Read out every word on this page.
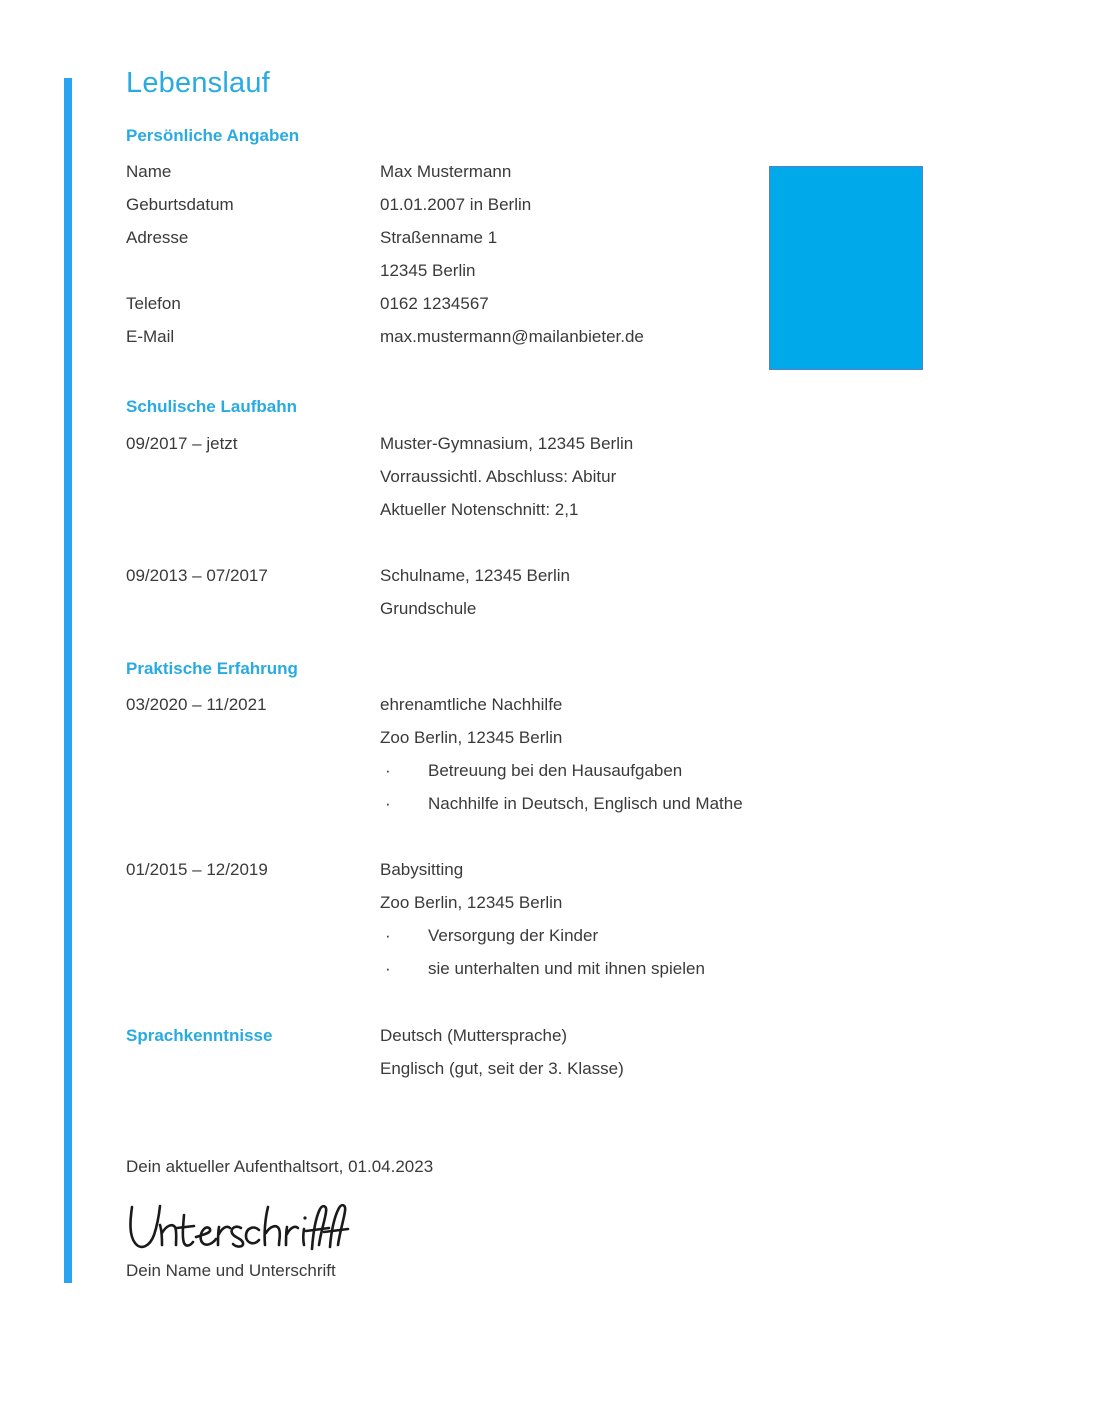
Lebenslauf
Persönliche Angaben
Name	Max Mustermann
Geburtsdatum	01.01.2007 in Berlin
Adresse	Straßenname 1
12345 Berlin
Telefon	0162 1234567
E-Mail	max.mustermann@mailanbieter.de
Schulische Laufbahn
09/2017 – jetzt	Muster-Gymnasium, 12345 Berlin
Vorraussichtl. Abschluss: Abitur
Aktueller Notenschnitt: 2,1
09/2013 – 07/2017	Schulname, 12345 Berlin
Grundschule
Praktische Erfahrung
03/2020 – 11/2021	ehrenamtliche Nachhilfe
Zoo Berlin, 12345 Berlin
· Betreuung bei den Hausaufgaben
· Nachhilfe in Deutsch, Englisch und Mathe
01/2015 – 12/2019	Babysitting
Zoo Berlin, 12345 Berlin
· Versorgung der Kinder
· sie unterhalten und mit ihnen spielen
Sprachkenntnisse	Deutsch (Muttersprache)
Englisch (gut, seit der 3. Klasse)
Dein aktueller Aufenthaltsort, 01.04.2023
Dein Name und Unterschrift
